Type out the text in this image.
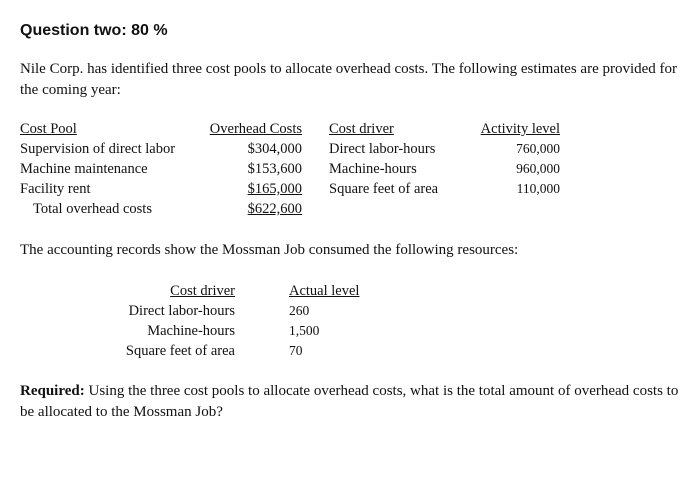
Question two: 80 %
Nile Corp. has identified three cost pools to allocate overhead costs. The following estimates are provided for the coming year:
Cost Pool	Overhead Costs Cost driver	Activity level
Supervision of direct labor	$304,000 Direct labor-hours	760,000
Machine maintenance	$153,600 Machine-hours	960,000
Facility rent	$165,000 Square feet of area	110,000
Total overhead costs	$622,600
The accounting records show the Mossman Job consumed the following resources:
Cost driver	Actual level
Direct labor-hours	260
Machine-hours	1,500
Square feet of area	70
Required: Using the three cost pools to allocate overhead costs, what is the total amount of overhead costs to be allocated to the Mossman Job?
